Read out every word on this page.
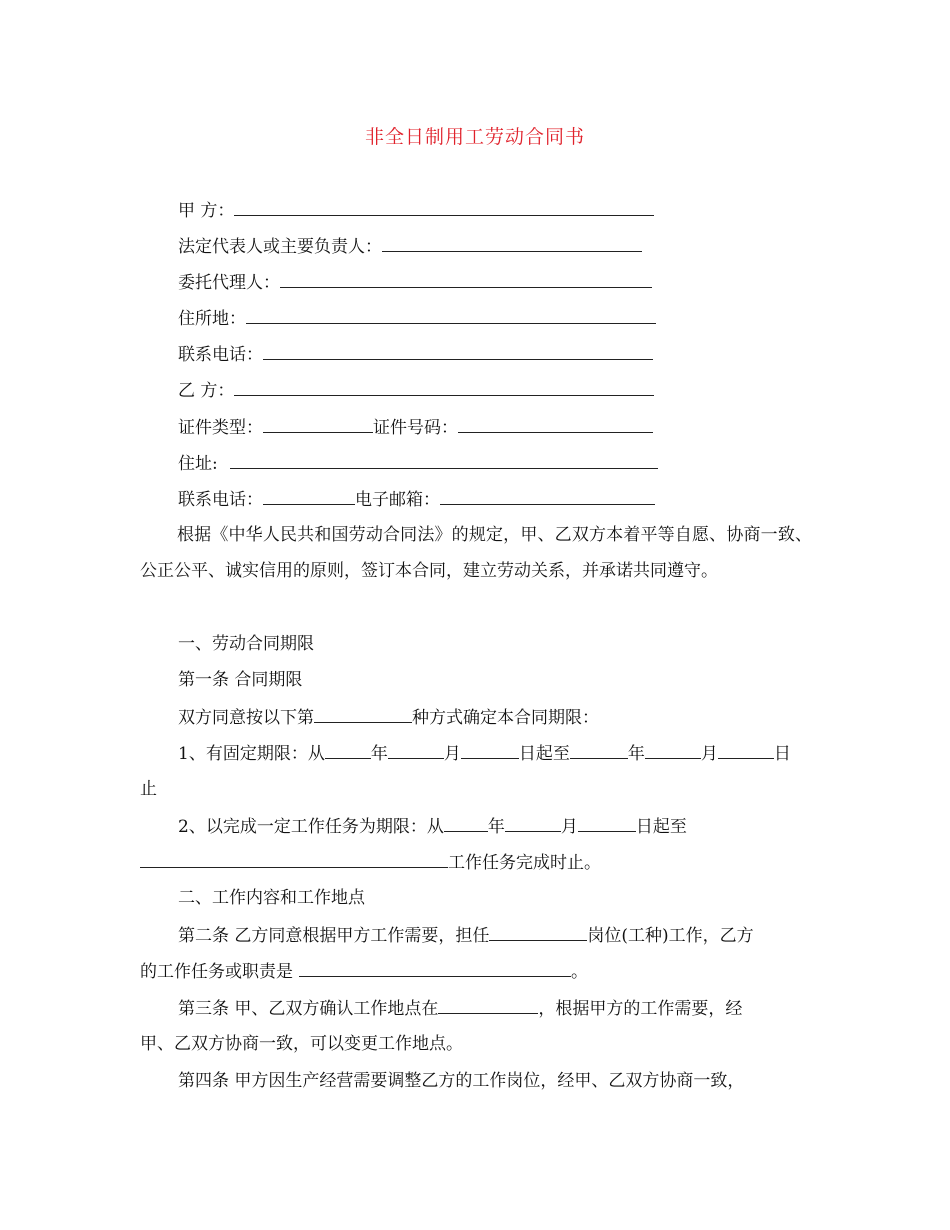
非全日制用工劳动合同书
甲 方：
法定代表人或主要负责人：
委托代理人：
住所地：
联系电话：
乙 方：
证件类型：	证件号码：
住址:
联系电话：	电子邮箱：
根据《中华人民共和国劳动合同法》的规定，甲、乙双方本着平等自愿、协商一致、公正公平、诚实信用的原则，签订本合同，建立劳动关系，并承诺共同遵守。
一、劳动合同期限
第一条 合同期限
双方同意按以下第	种方式确定本合同期限：
1、有固定期限：从	年	月	日起至	年	月	日
止
2、以完成一定工作任务为期限：从	年	月	日起至
工作任务完成时止。
二、工作内容和工作地点
第二条 乙方同意根据甲方工作需要，担任	岗位(工种)工作，乙方
的工作任务或职责是	。
第三条 甲、乙双方确认工作地点在	，根据甲方的工作需要，经
甲、乙双方协商一致，可以变更工作地点。
第四条 甲方因生产经营需要调整乙方的工作岗位，经甲、乙双方协商一致，
